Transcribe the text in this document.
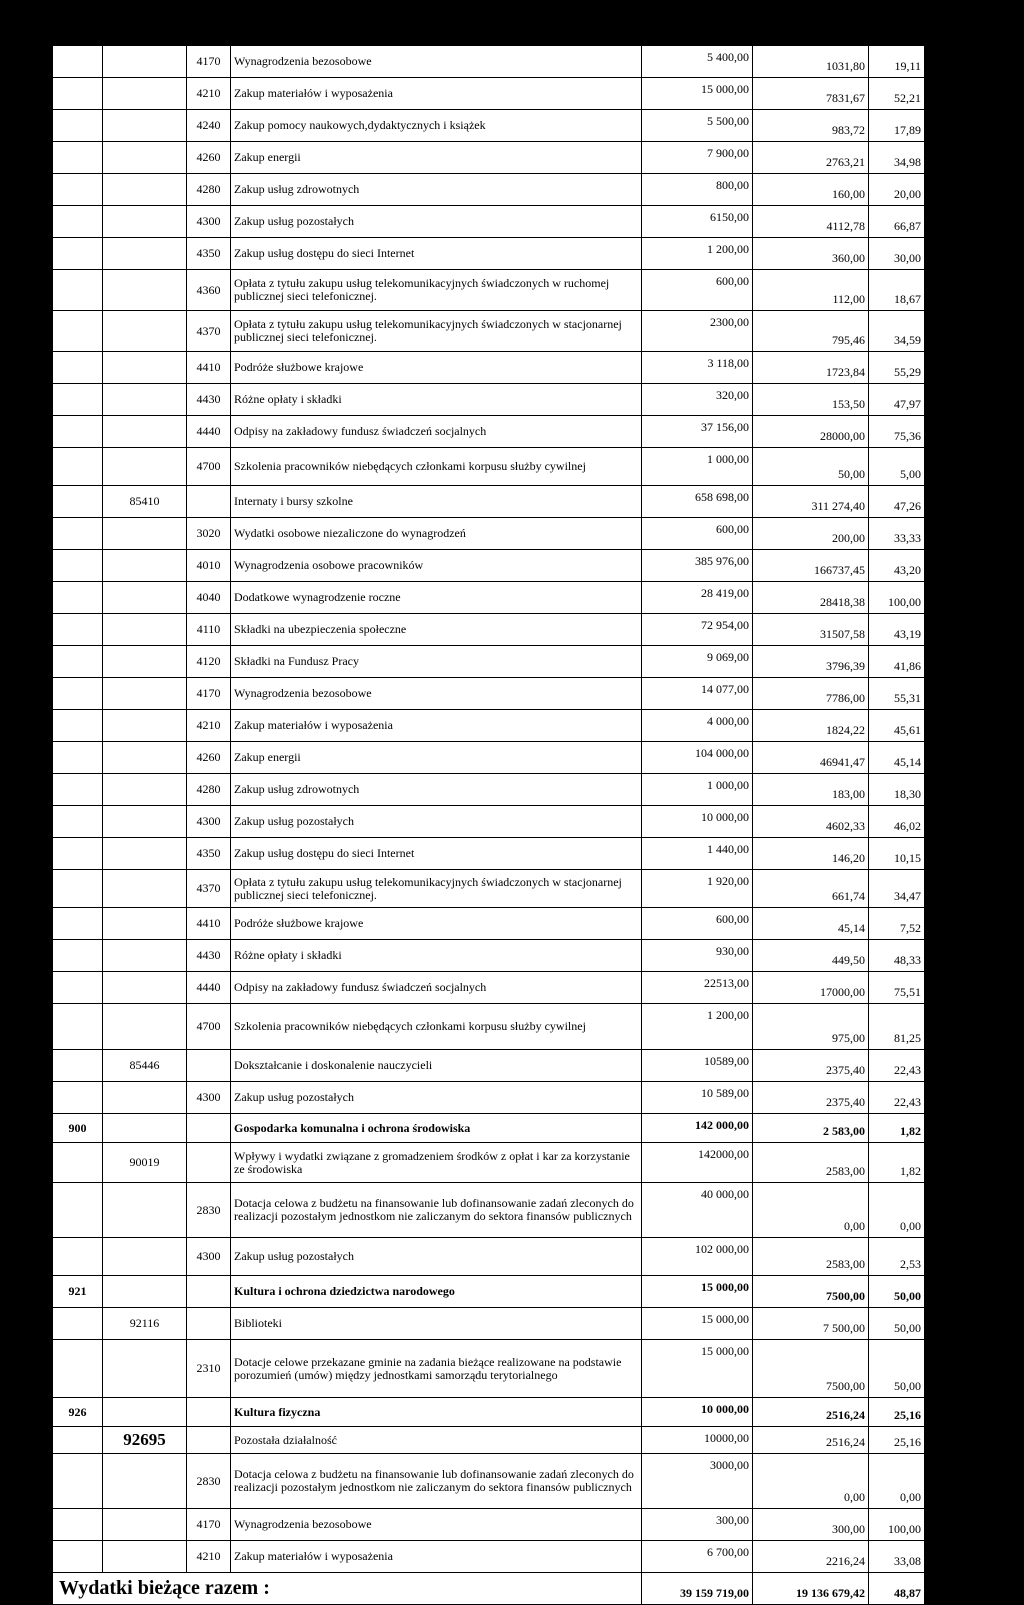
		4170	Wynagrodzenia bezosobowe	5 400,00	1031,80	19,11
		4210	Zakup materiałów i wyposażenia	15 000,00	7831,67	52,21
		4240	Zakup pomocy naukowych,dydaktycznych i książek	5 500,00	983,72	17,89
		4260	Zakup energii	7 900,00	2763,21	34,98
		4280	Zakup usług zdrowotnych	800,00	160,00	20,00
		4300	Zakup usług pozostałych	6150,00	4112,78	66,87
		4350	Zakup usług dostępu do sieci Internet	1 200,00	360,00	30,00
		4360	Opłata z tytułu zakupu usług telekomunikacyjnych świadczonych w ruchomej publicznej sieci telefonicznej.	600,00	112,00	18,67
		4370	Opłata z tytułu zakupu usług telekomunikacyjnych świadczonych w stacjonarnej publicznej sieci telefonicznej.	2300,00	795,46	34,59
		4410	Podróże służbowe krajowe	3 118,00	1723,84	55,29
		4430	Różne opłaty i składki	320,00	153,50	47,97
		4440	Odpisy na zakładowy fundusz świadczeń socjalnych	37 156,00	28000,00	75,36
		4700	Szkolenia pracowników niebędących członkami korpusu służby cywilnej	1 000,00	50,00	5,00
	85410		Internaty i bursy szkolne	658 698,00	311 274,40	47,26
		3020	Wydatki osobowe niezaliczone do wynagrodzeń	600,00	200,00	33,33
		4010	Wynagrodzenia osobowe pracowników	385 976,00	166737,45	43,20
		4040	Dodatkowe wynagrodzenie roczne	28 419,00	28418,38	100,00
		4110	Składki na ubezpieczenia społeczne	72 954,00	31507,58	43,19
		4120	Składki na Fundusz Pracy	9 069,00	3796,39	41,86
		4170	Wynagrodzenia bezosobowe	14 077,00	7786,00	55,31
		4210	Zakup materiałów i wyposażenia	4 000,00	1824,22	45,61
		4260	Zakup energii	104 000,00	46941,47	45,14
		4280	Zakup usług zdrowotnych	1 000,00	183,00	18,30
		4300	Zakup usług pozostałych	10 000,00	4602,33	46,02
		4350	Zakup usług dostępu do sieci Internet	1 440,00	146,20	10,15
		4370	Opłata z tytułu zakupu usług telekomunikacyjnych świadczonych w stacjonarnej publicznej sieci telefonicznej.	1 920,00	661,74	34,47
		4410	Podróże służbowe krajowe	600,00	45,14	7,52
		4430	Różne opłaty i składki	930,00	449,50	48,33
		4440	Odpisy na zakładowy fundusz świadczeń socjalnych	22513,00	17000,00	75,51
		4700	Szkolenia pracowników niebędących członkami korpusu służby cywilnej	1 200,00	975,00	81,25
	85446		Dokształcanie i doskonalenie nauczycieli	10589,00	2375,40	22,43
		4300	Zakup usług pozostałych	10 589,00	2375,40	22,43
900			Gospodarka komunalna i ochrona środowiska	142 000,00	2 583,00	1,82
	90019		Wpływy i wydatki związane z gromadzeniem środków z opłat i kar za korzystanie ze środowiska	142000,00	2583,00	1,82
		2830	Dotacja celowa z budżetu na finansowanie lub dofinansowanie zadań zleconych do realizacji pozostałym jednostkom nie zaliczanym do sektora finansów publicznych	40 000,00	0,00	0,00
		4300	Zakup usług pozostałych	102 000,00	2583,00	2,53
921			Kultura i ochrona dziedzictwa narodowego	15 000,00	7500,00	50,00
	92116		Biblioteki	15 000,00	7 500,00	50,00
		2310	Dotacje celowe przekazane gminie na zadania bieżące realizowane na podstawie porozumień (umów) między jednostkami samorządu terytorialnego	15 000,00	7500,00	50,00
926			Kultura fizyczna	10 000,00	2516,24	25,16
	92695		Pozostała działalność	10000,00	2516,24	25,16
		2830	Dotacja celowa z budżetu na finansowanie lub dofinansowanie zadań zleconych do realizacji pozostałym jednostkom nie zaliczanym do sektora finansów publicznych	3000,00	0,00	0,00
		4170	Wynagrodzenia bezosobowe	300,00	300,00	100,00
		4210	Zakup materiałów i wyposażenia	6 700,00	2216,24	33,08
Wydatki bieżące razem :				39 159 719,00	19 136 679,42	48,87
